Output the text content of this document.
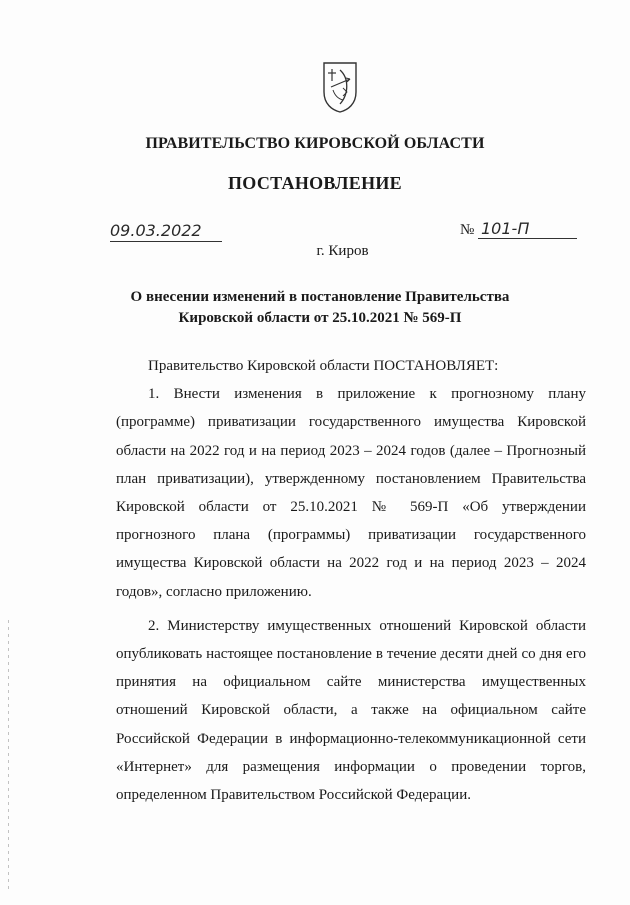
ПРАВИТЕЛЬСТВО КИРОВСКОЙ ОБЛАСТИ
ПОСТАНОВЛЕНИЕ
09.03.2022	№ 101-П
г. Киров
О внесении изменений в постановление Правительства
Кировской области от 25.10.2021 № 569-П

Правительство Кировской области ПОСТАНОВЛЯЕТ:

1. Внести изменения в приложение к прогнозному плану (программе) приватизации государственного имущества Кировской области на 2022 год и на период 2023 – 2024 годов (далее – Прогнозный план приватизации), утвержденному постановлением Правительства Кировской области от 25.10.2021 № 569-П «Об утверждении прогнозного плана (программы) приватизации государственного имущества Кировской области на 2022 год и на период 2023 – 2024 годов», согласно приложению.

2. Министерству имущественных отношений Кировской области опубликовать настоящее постановление в течение десяти дней со дня его принятия на официальном сайте министерства имущественных отношений Кировской области, а также на официальном сайте Российской Федерации в информационно-телекоммуникационной сети «Интернет» для размещения информации о проведении торгов, определенном Правительством Российской Федерации.
